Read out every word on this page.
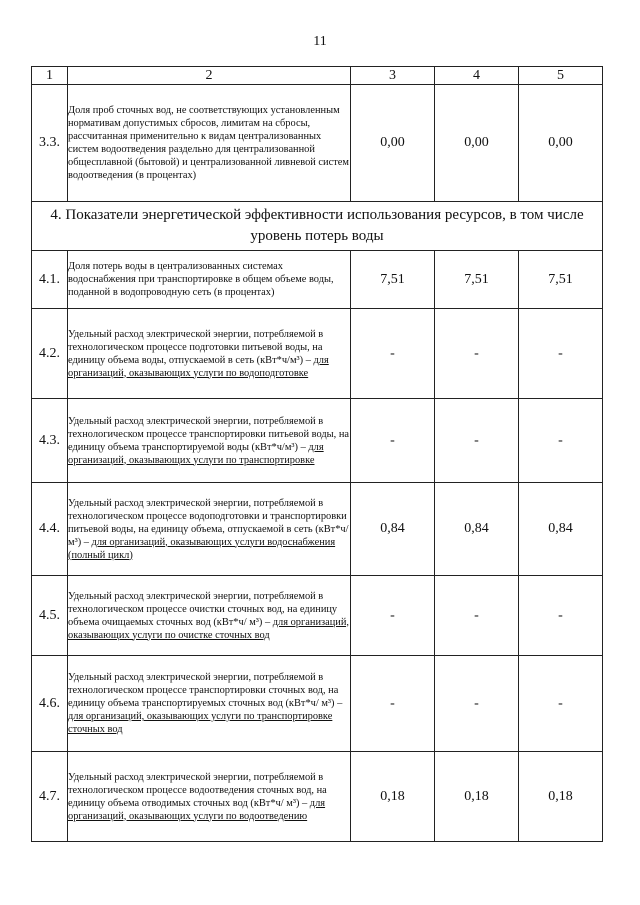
11
1	2	3	4	5
3.3.	Доля проб сточных вод, не соответствующих установленным нормативам допустимых сбросов, лимитам на сбросы, рассчитанная применительно к видам централизованных систем водоотведения раздельно для централизованной общесплавной (бытовой) и централизованной ливневой систем водоотведения (в процентах)	0,00	0,00	0,00
4. Показатели энергетической эффективности использования ресурсов, в том числе уровень потерь воды				
4.1.	Доля потерь воды в централизованных системах водоснабжения при транспортировке в общем объеме воды, поданной в водопроводную сеть (в процентах)	7,51	7,51	7,51
4.2.	Удельный расход электрической энергии, потребляемой в технологическом процессе подготовки питьевой воды, на единицу объема воды, отпускаемой в сеть (кВт*ч/м³) – для организаций, оказывающих услуги по водоподготовке	-	-	-
4.3.	Удельный расход электрической энергии, потребляемой в технологическом процессе транспортировки питьевой воды, на единицу объема транспортируемой воды (кВт*ч/м³) – для организаций, оказывающих услуги по транспортировке	-	-	-
4.4.	Удельный расход электрической энергии, потребляемой в технологическом процессе водоподготовки и транспортировки питьевой воды, на единицу объема, отпускаемой в сеть (кВт*ч/м³) – для организаций, оказывающих услуги водоснабжения (полный цикл)	0,84	0,84	0,84
4.5.	Удельный расход электрической энергии, потребляемой в технологическом процессе очистки сточных вод, на единицу объема очищаемых сточных вод (кВт*ч/ м³) – для организаций, оказывающих услуги по очистке сточных вод	-	-	-
4.6.	Удельный расход электрической энергии, потребляемой в технологическом процессе транспортировки сточных вод, на единицу объема транспортируемых сточных вод (кВт*ч/ м³) – для организаций, оказывающих услуги по транспортировке сточных вод	-	-	-
4.7.	Удельный расход электрической энергии, потребляемой в технологическом процессе водоотведения сточных вод, на единицу объема отводимых сточных вод (кВт*ч/ м³) – для организаций, оказывающих услуги по водоотведению	0,18	0,18	0,18
